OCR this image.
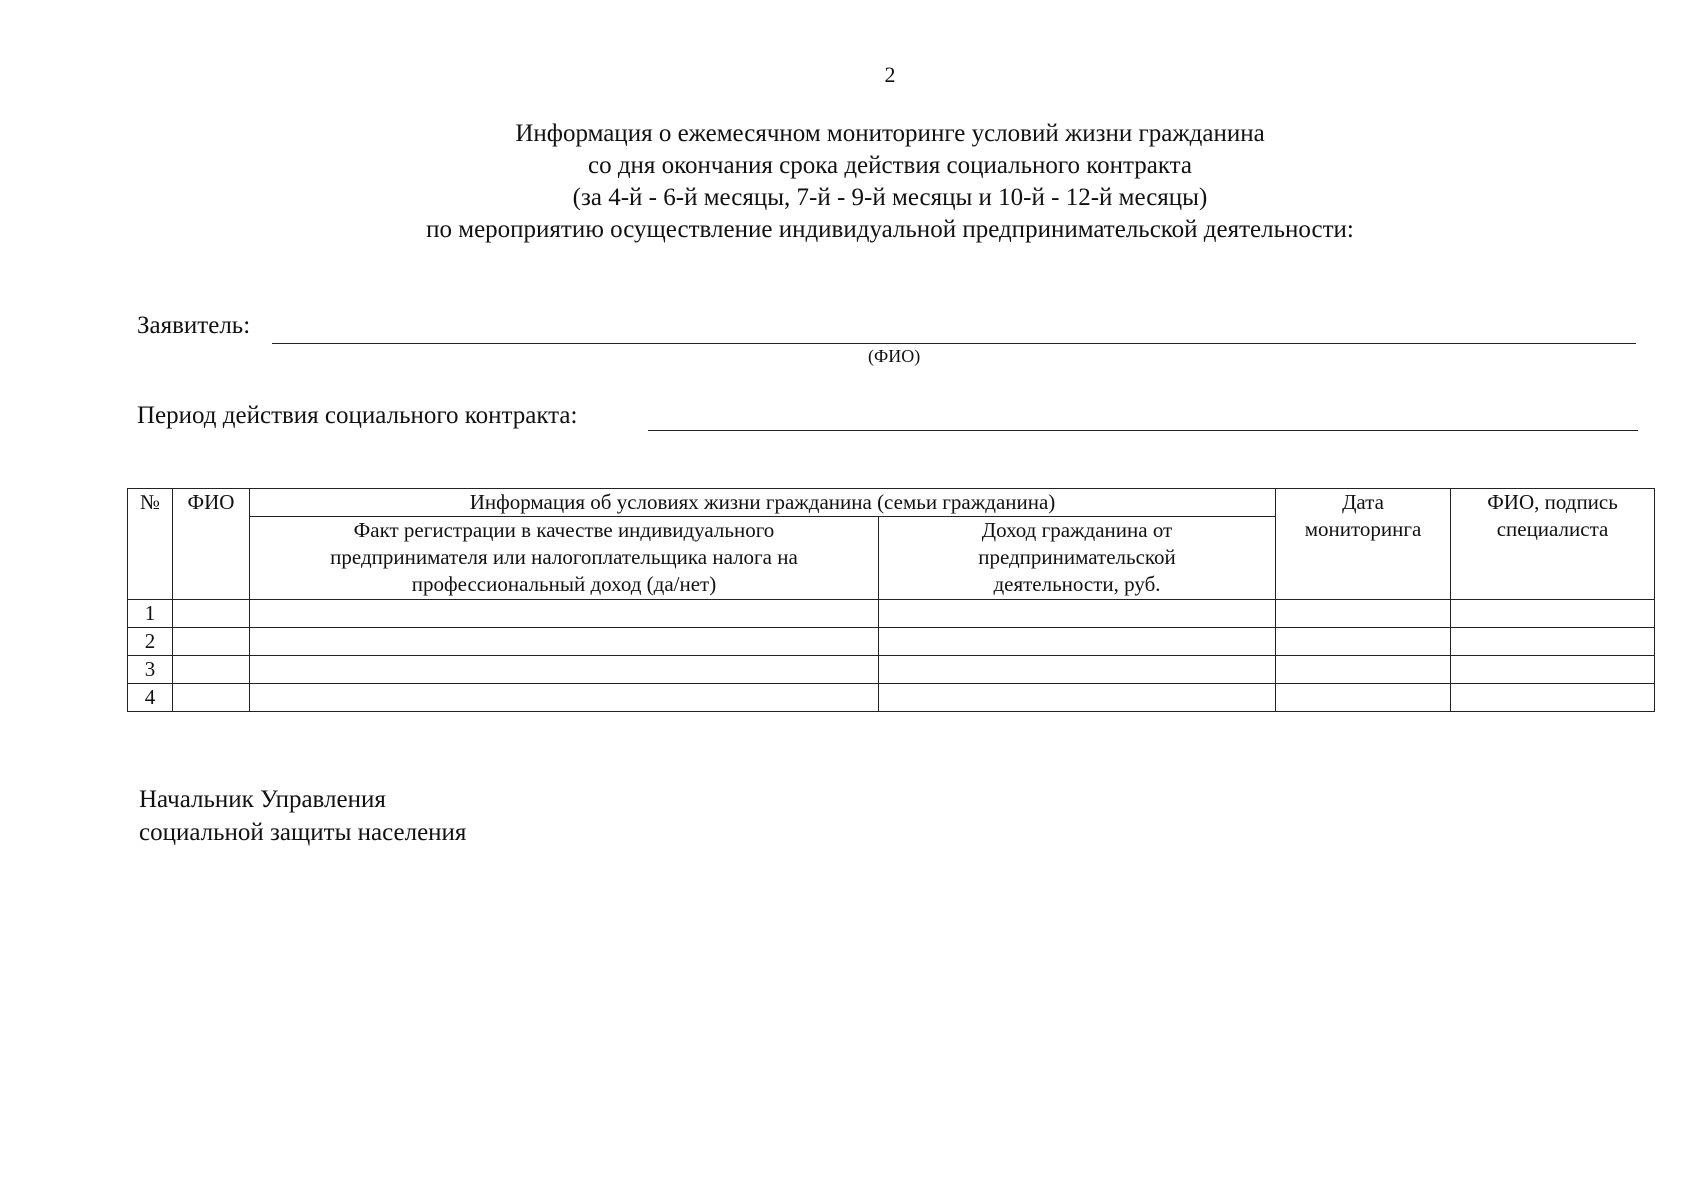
2
Информация о ежемесячном мониторинге условий жизни гражданина
со дня окончания срока действия социального контракта
(за 4-й - 6-й месяцы, 7-й - 9-й месяцы и 10-й - 12-й месяцы)
по мероприятию осуществление индивидуальной предпринимательской деятельности:
Заявитель:
(ФИО)
Период действия социального контракта:
№	ФИО	Информация об условиях жизни гражданина (семьи гражданина)		Дата мониторинга	ФИО, подпись специалиста
		Факт регистрации в качестве индивидуального предпринимателя или налогоплательщика налога на профессиональный доход (да/нет)	Доход гражданина от предпринимательской деятельности, руб.		
1					
2					
3					
4					
Начальник Управления
социальной защиты населения
